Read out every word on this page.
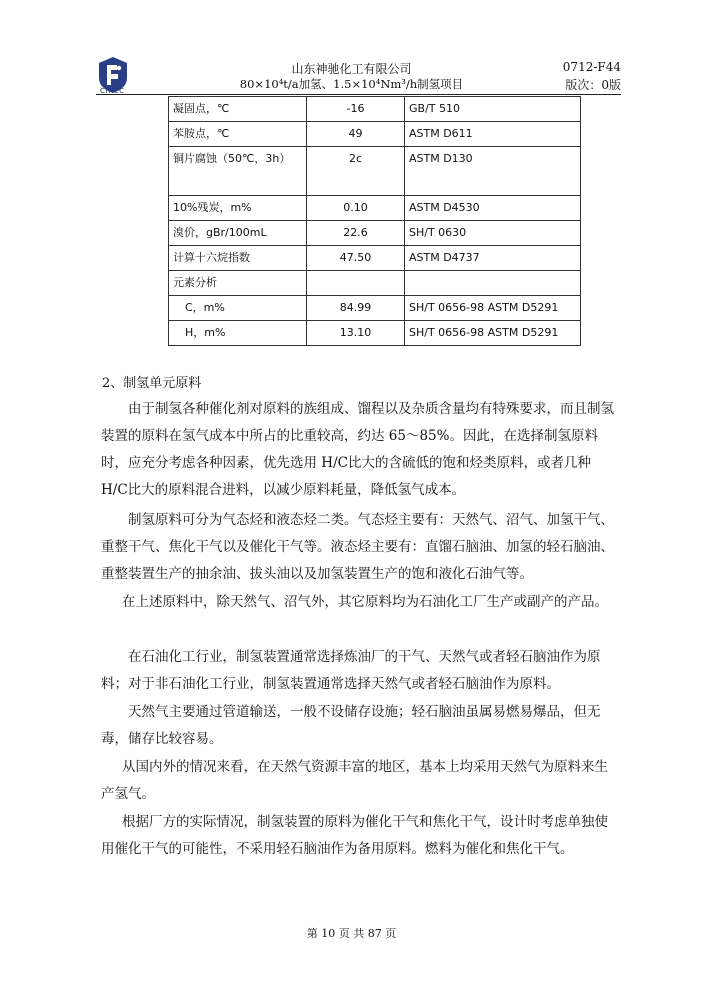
CHICC
山东神驰化工有限公司
80×10⁴t/a加氢、1.5×10⁴Nm³/h制氢项目
0712-F44
版次：0版
凝固点，℃	-16	GB/T 510
苯胺点，℃	49	ASTM D611
铜片腐蚀（50℃，3h）	2c	ASTM D130
10%残炭，m%	0.10	ASTM D4530
溴价，gBr/100mL	22.6	SH/T 0630
计算十六烷指数	47.50	ASTM D4737
元素分析		
C，m%	84.99	SH/T 0656-98 ASTM D5291
H，m%	13.10	SH/T 0656-98 ASTM D5291
2、制氢单元原料

由于制氢各种催化剂对原料的族组成、馏程以及杂质含量均有特殊要求，而且制氢装置的原料在氢气成本中所占的比重较高，约达 65～85%。因此，在选择制氢原料时，应充分考虑各种因素，优先选用 H/C比大的含硫低的饱和烃类原料，或者几种 H/C比大的原料混合进料，以减少原料耗量，降低氢气成本。

制氢原料可分为气态烃和液态烃二类。气态烃主要有：天然气、沼气、加氢干气、重整干气、焦化干气以及催化干气等。液态烃主要有：直馏石脑油、加氢的轻石脑油、重整装置生产的抽余油、拔头油以及加氢装置生产的饱和液化石油气等。

在上述原料中，除天然气、沼气外，其它原料均为石油化工厂生产或副产的产品。

在石油化工行业，制氢装置通常选择炼油厂的干气、天然气或者轻石脑油作为原料；对于非石油化工行业，制氢装置通常选择天然气或者轻石脑油作为原料。

天然气主要通过管道输送，一般不设储存设施；轻石脑油虽属易燃易爆品，但无毒，储存比较容易。

从国内外的情况来看，在天然气资源丰富的地区，基本上均采用天然气为原料来生产氢气。

根据厂方的实际情况，制氢装置的原料为催化干气和焦化干气，设计时考虑单独使用催化干气的可能性，不采用轻石脑油作为备用原料。燃料为催化和焦化干气。

第 10 页 共 87 页
